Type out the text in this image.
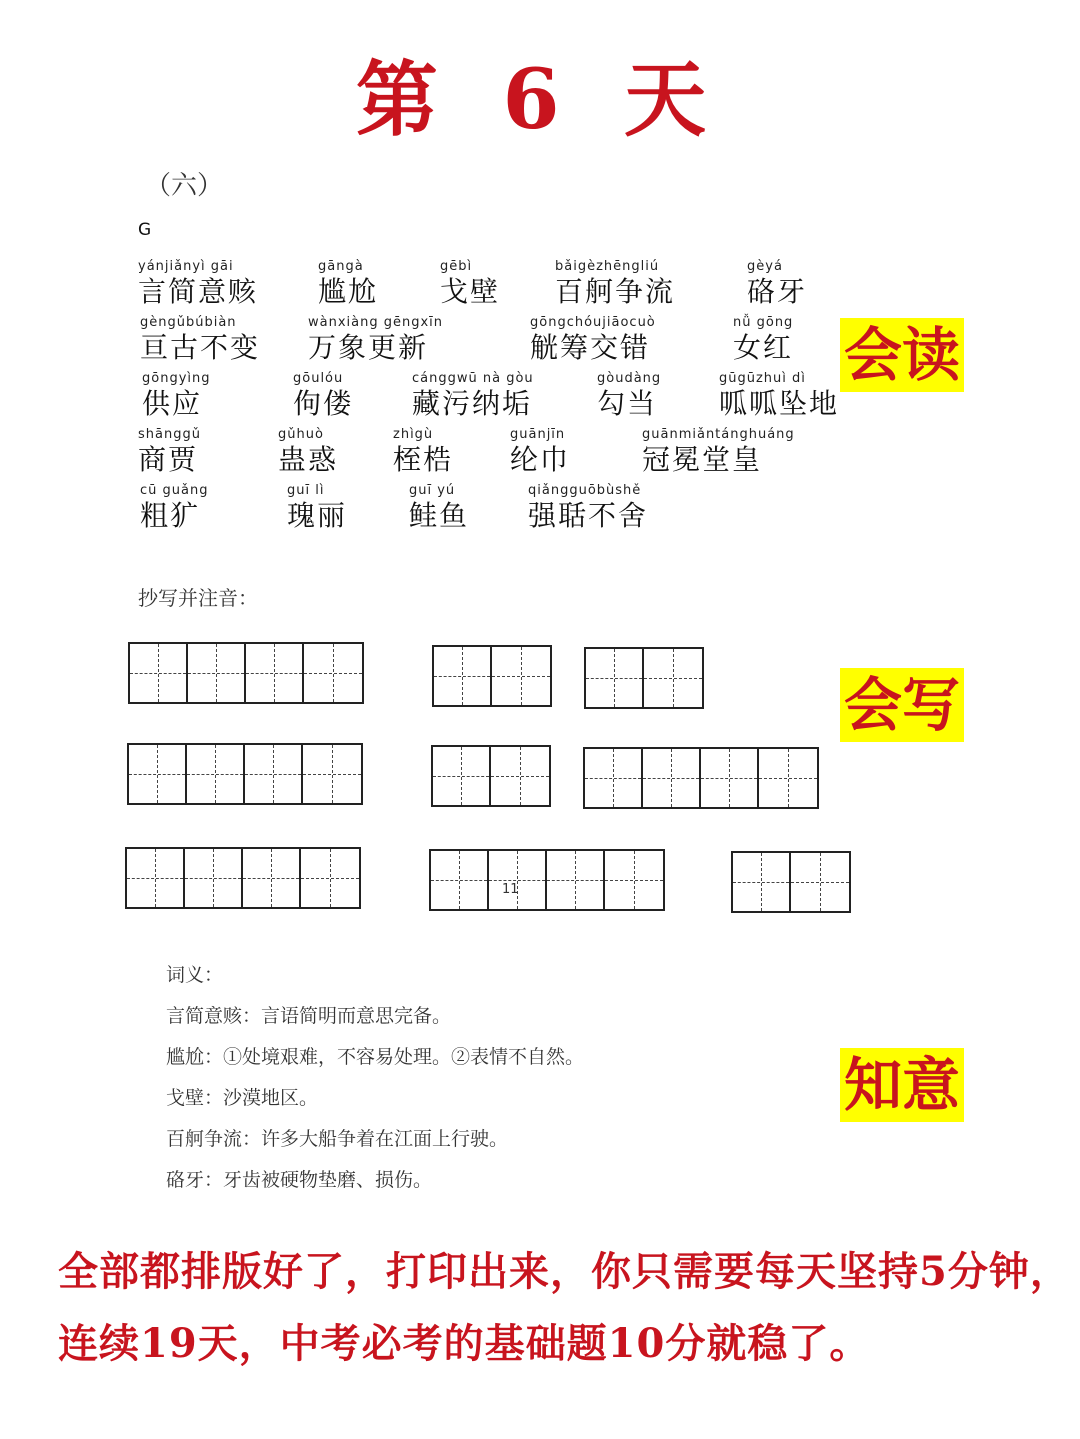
第 6 天
（六）
G
yánjiǎnyì gāi
言简意赅
gāngà
尴尬
gēbì
戈壁
bǎigèzhēngliú
百舸争流
gèyá
硌牙
gèngǔbúbiàn
亘古不变
wànxiàng gēngxīn
万象更新
gōngchóujiāocuò
觥筹交错
nǚ gōng
女红
gōngyìng
供应
gōulóu
佝偻
cánggwū nà gòu
藏污纳垢
gòudàng
勾当
gūgūzhuì dì
呱呱坠地
shānggǔ
商贾
gǔhuò
蛊惑
zhìgù
桎梏
guānjīn
纶巾
guānmiǎntánghuáng
冠冕堂皇
cū guǎng
粗犷
guī lì
瑰丽
guī yú
鲑鱼
qiǎngguōbùshě
强聒不舍
会读
会写
知意
抄写并注音：
11
词义：
言简意赅：言语简明而意思完备。
尴尬：①处境艰难，不容易处理。②表情不自然。
戈壁：沙漠地区。
百舸争流：许多大船争着在江面上行驶。
硌牙：牙齿被硬物垫磨、损伤。
全部都排版好了，打印出来，你只需要每天坚持5分钟，
连续19天，中考必考的基础题10分就稳了。
